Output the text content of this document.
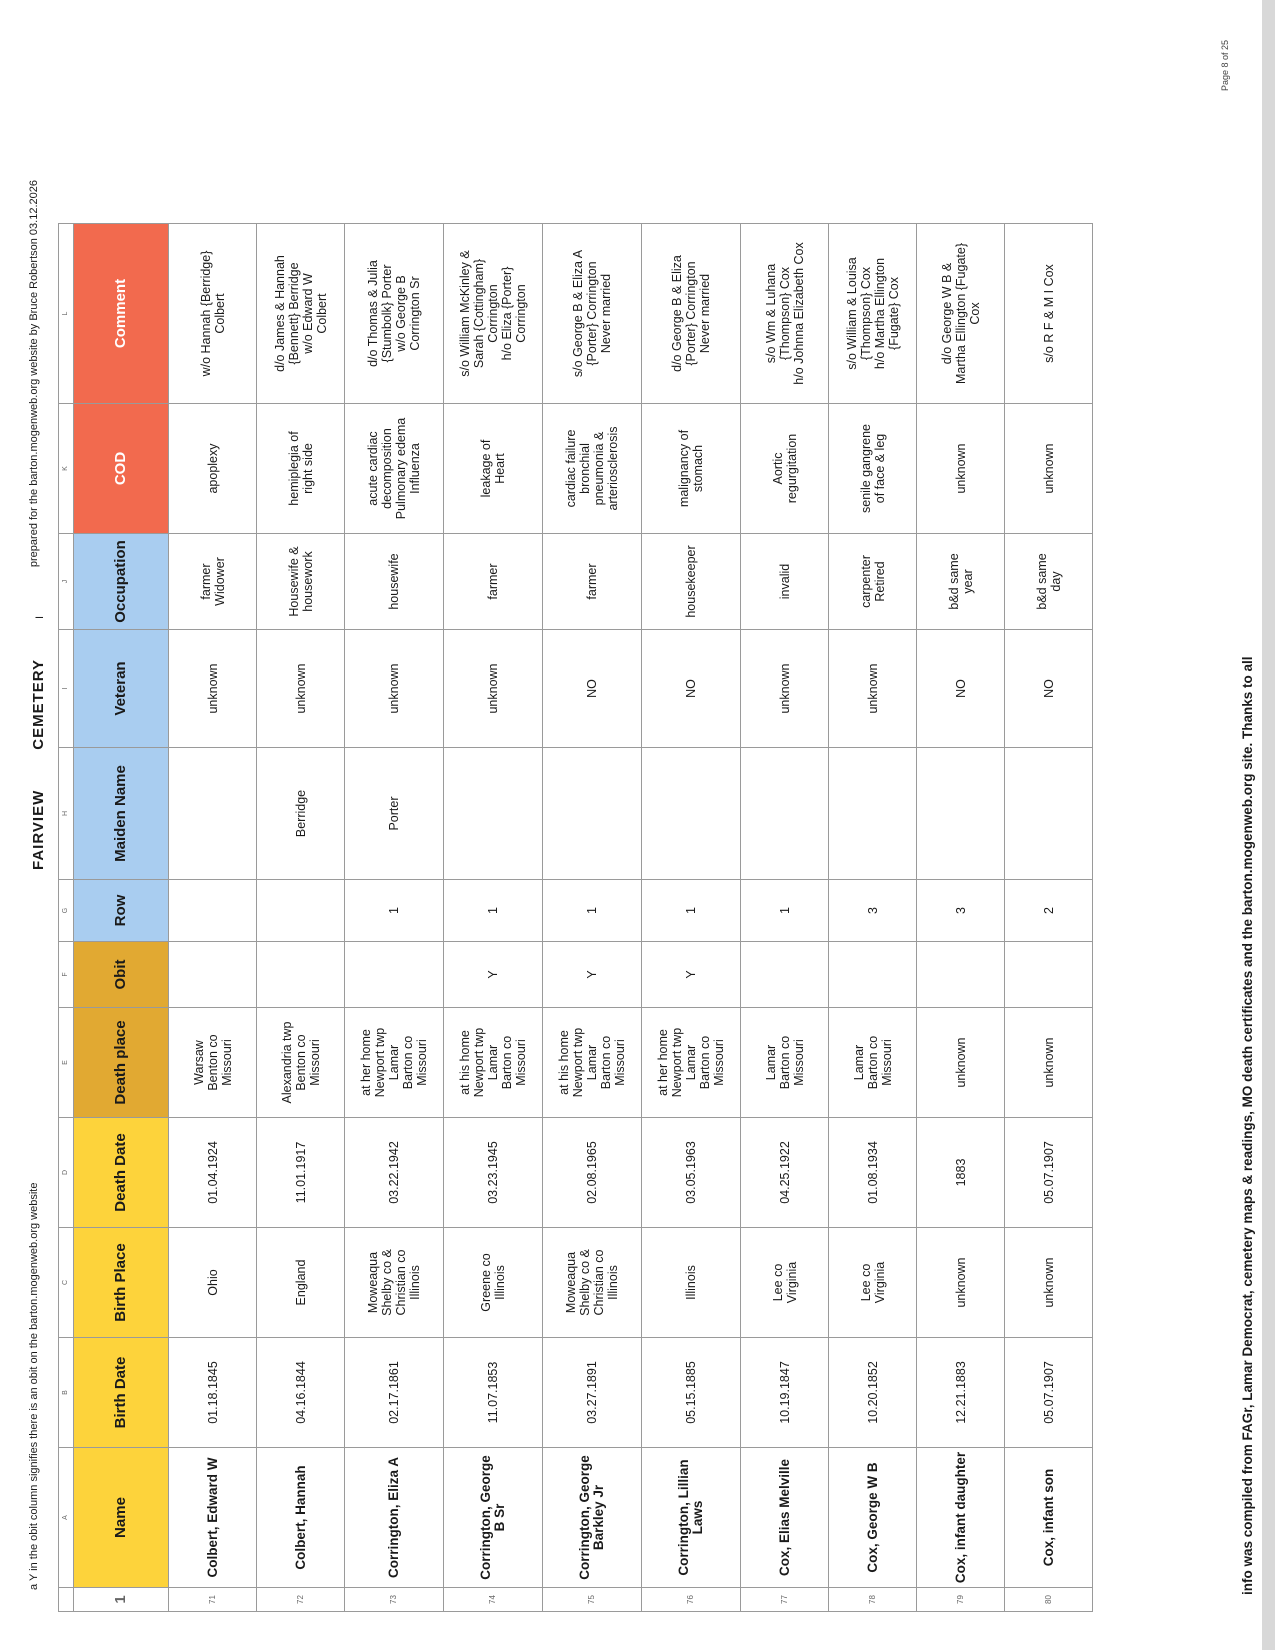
a Y in the obit column signifies there is an obit on the barton.mogenweb.org website
FAIRVIEWCEMETERYI
prepared for the barton.mogenweb.org website by Bruce Robertson 03.12.2026
	A	B	C	D	E	F	G	H	I	J	K	L
1	Name	Birth Date	Birth Place	Death Date	Death place	Obit	Row	Maiden Name	Veteran	Occupation	COD	Comment
71	Colbert, Edward W	01.18.1845	Ohio	01.04.1924	Warsaw
Benton co
Missouri				unknown	farmer
Widower	apoplexy	w/o Hannah {Berridge}
Colbert
72	Colbert, Hannah	04.16.1844	England	11.01.1917	Alexandria twp
Benton co
Missouri			Berridge	unknown	Housewife &
housework	hemiplegia of
right side	d/o James & Hannah
{Bennett} Berridge
w/o Edward W
Colbert
73	Corrington, Eliza A	02.17.1861	Moweaqua
Shelby co &
Christian co
Illinois	03.22.1942	at her home
Newport twp
Lamar
Barton co
Missouri		1	Porter	unknown	housewife	acute cardiac
decomposition
Pulmonary edema
Influenza	d/o Thomas & Julia
{Stumbolk} Porter
w/o George B
Corrington Sr
74	Corrington, George
B Sr	11.07.1853	Greene co
Illinois	03.23.1945	at his home
Newport twp
Lamar
Barton co
Missouri	Y	1		unknown	farmer	leakage of
Heart	s/o William McKinley &
Sarah {Cottingham}
Corrington
h/o Eliza {Porter}
Corrington
75	Corrington, George
Barkley Jr	03.27.1891	Moweaqua
Shelby co &
Christian co
Illinois	02.08.1965	at his home
Newport twp
Lamar
Barton co
Missouri	Y	1		NO	farmer	cardiac failure
bronchial
pneumonia &
arteriosclerosis	s/o George B & Eliza A
{Porter} Corrington
Never married
76	Corrington, Lillian
Laws	05.15.1885	Illinois	03.05.1963	at her home
Newport twp
Lamar
Barton co
Missouri	Y	1		NO	housekeeper	malignancy of
stomach	d/o George B & Eliza
{Porter} Corrington
Never married
77	Cox, Elias Melville	10.19.1847	Lee co
Virginia	04.25.1922	Lamar
Barton co
Missouri		1		unknown	invalid	Aortic
regurgitation	s/o Wm & Luhana
{Thompson} Cox
h/o Johnna Elizabeth Cox
78	Cox, George W B	10.20.1852	Lee co
Virginia	01.08.1934	Lamar
Barton co
Missouri		3		unknown	carpenter
Retired	senile gangrene
of face & leg	s/o William & Louisa
{Thompson} Cox
h/o Martha Ellington
{Fugate} Cox
79	Cox, infant daughter	12.21.1883	unknown	1883	unknown		3		NO	b&d same
year	unknown	d/o George W B &
Martha Ellington {Fugate}
Cox
80	Cox, infant son	05.07.1907	unknown	05.07.1907	unknown		2		NO	b&d same
day	unknown	s/o R F & M I Cox
info was compiled from FAGr, Lamar Democrat, cemetery maps & readings, MO death certificates and the barton.mogenweb.org site. Thanks to all
Page 8 of 25
